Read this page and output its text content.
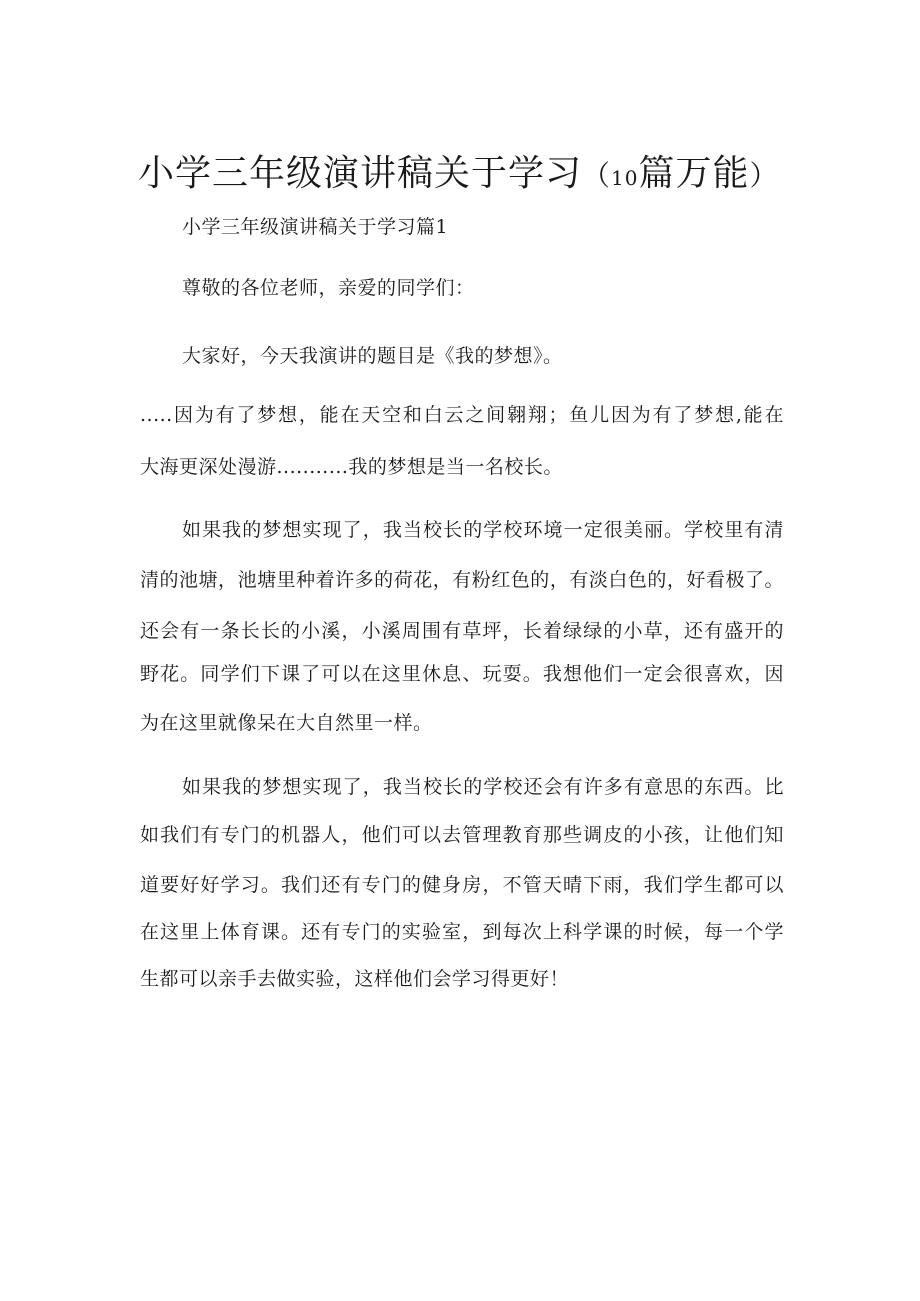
小学三年级演讲稿关于学习（10篇万能）

小学三年级演讲稿关于学习篇1

尊敬的各位老师，亲爱的同学们：

大家好，今天我演讲的题目是《我的梦想》。

.....因为有了梦想，能在天空和白云之间翱翔；鱼儿因为有了梦想,能在

大海更深处漫游...........我的梦想是当一名校长。

如果我的梦想实现了，我当校长的学校环境一定很美丽。学校里有清

清的池塘，池塘里种着许多的荷花，有粉红色的，有淡白色的，好看极了。

还会有一条长长的小溪，小溪周围有草坪，长着绿绿的小草，还有盛开的

野花。同学们下课了可以在这里休息、玩耍。我想他们一定会很喜欢，因

为在这里就像呆在大自然里一样。

如果我的梦想实现了，我当校长的学校还会有许多有意思的东西。比

如我们有专门的机器人，他们可以去管理教育那些调皮的小孩，让他们知

道要好好学习。我们还有专门的健身房，不管天晴下雨，我们学生都可以

在这里上体育课。还有专门的实验室，到每次上科学课的时候，每一个学

生都可以亲手去做实验，这样他们会学习得更好！
